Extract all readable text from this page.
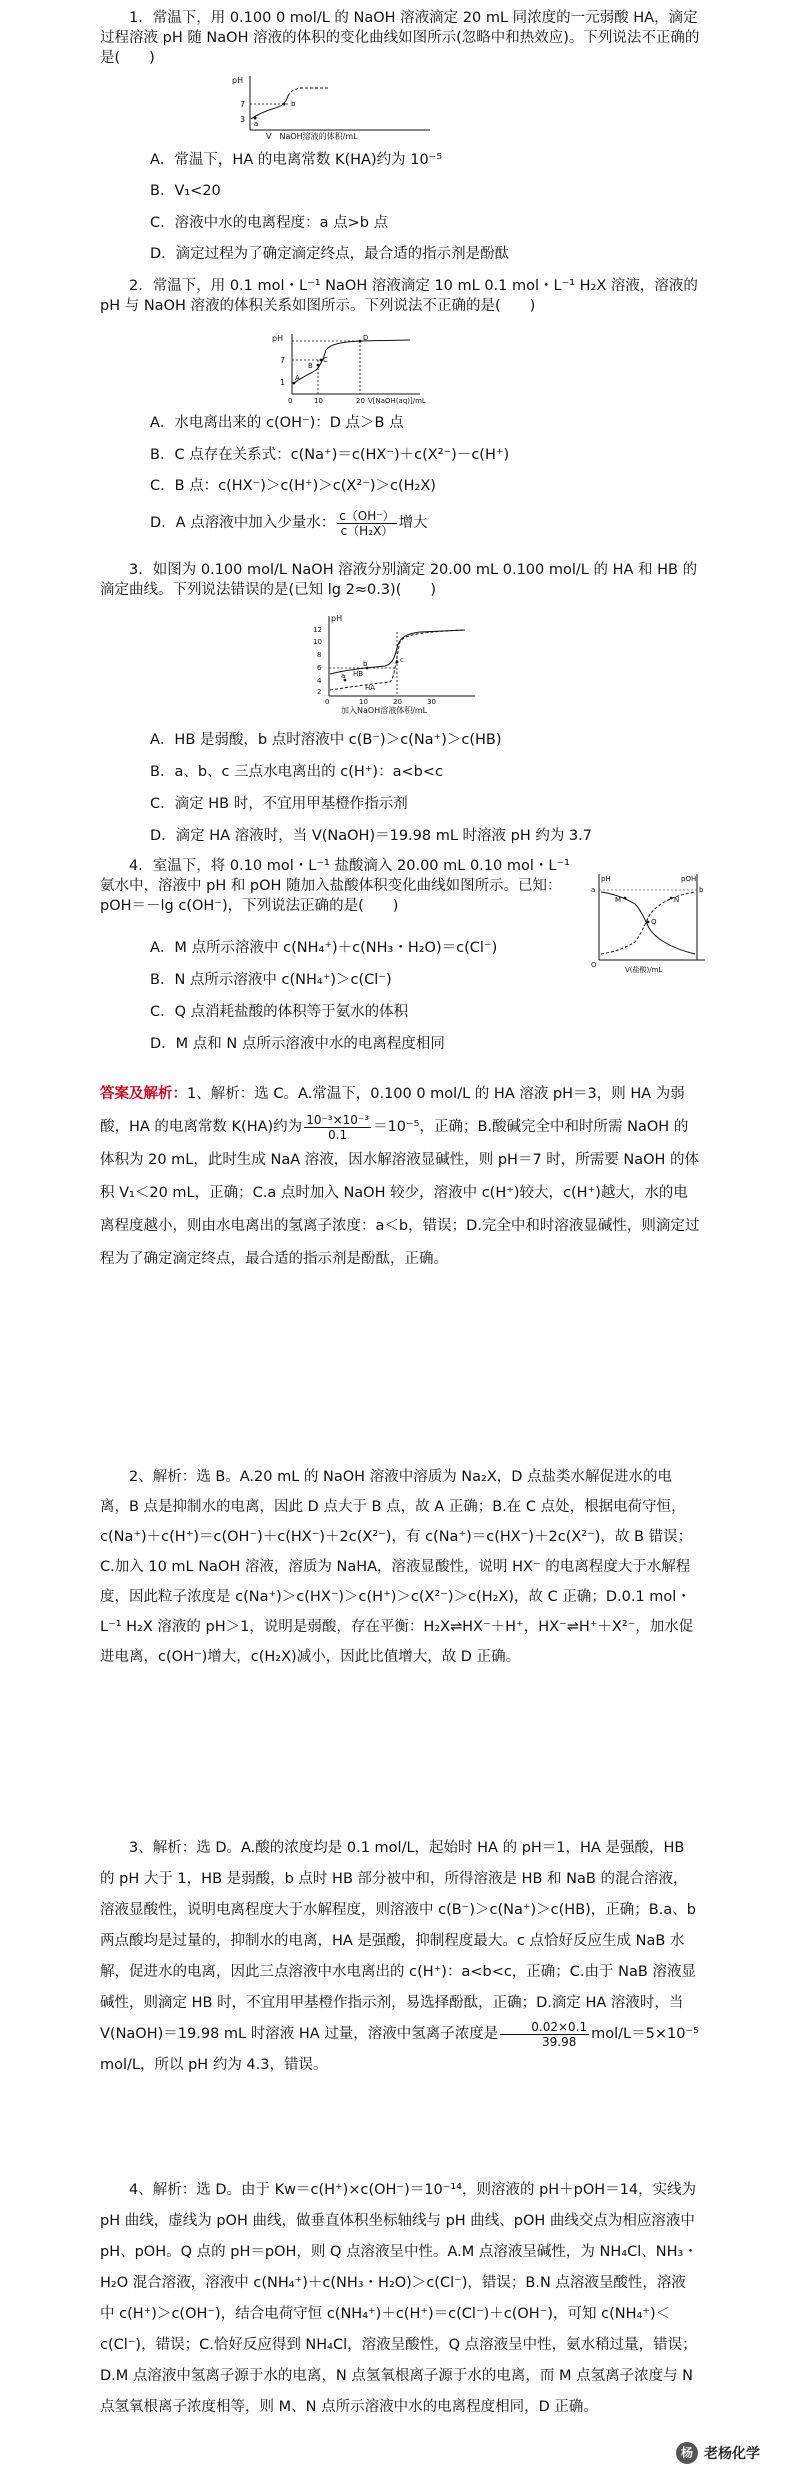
1．常温下，用 0.100 0 mol/L 的 NaOH 溶液滴定 20 mL 同浓度的一元弱酸 HA，滴定过程溶液 pH 随 NaOH 溶液的体积的变化曲线如图所示(忽略中和热效应)。下列说法不正确的是(　　)

pH
7
3 a
b
V　NaOH溶液的体积/mL

A．常温下，HA 的电离常数 K(HA)约为 10⁻⁵

B．V₁<20

C．溶液中水的电离程度：a 点>b 点

D．滴定过程为了确定滴定终点，最合适的指示剂是酚酞

2．常温下，用 0.1 mol・L⁻¹ NaOH 溶液滴定 10 mL 0.1 mol・L⁻¹ H₂X 溶液，溶液的 pH 与 NaOH 溶液的体积关系如图所示。下列说法不正确的是(　　)

pH
7
1 A
B
C
D
0	10	20 V[NaOH(aq)]/mL

A．水电离出来的 c(OH⁻)：D 点＞B 点

B．C 点存在关系式：c(Na⁺)＝c(HX⁻)＋c(X²⁻)－c(H⁺)

C．B 点：c(HX⁻)＞c(H⁺)＞c(X²⁻)＞c(H₂X)

D．A 点溶液中加入少量水： $\frac{c(OH^-)}{\text{c（H₂X）}}$ 增大

3．如图为 0.100 mol/L NaOH 溶液分别滴定 20.00 mL 0.100 mol/L 的 HA 和 HB 的滴定曲线。下列说法错误的是(已知 lg 2≈0.3)(　　)

pH
12
10
8
6
4
2
a
b	c
HB
HA
0	10	20	30
加入NaOH溶液体积/mL

A．HB 是弱酸，b 点时溶液中 c(B⁻)＞c(Na⁺)＞c(HB)

B．a、b、c 三点水电离出的 c(H⁺)：a<b<c

C．滴定 HB 时，不宜用甲基橙作指示剂

D．滴定 HA 溶液时，当 V(NaOH)＝19.98 mL 时溶液 pH 约为 3.7

4．室温下，将 0.10 mol・L⁻¹ 盐酸滴入 20.00 mL 0.10 mol・L⁻¹ 氨水中，溶液中 pH 和 pOH 随加入盐酸体积变化曲线如图所示。已知：pOH＝－lg c(OH⁻)，下列说法正确的是(　　)

pH	pOH
a	b
M	N
Q
O
V(盐酸)/mL

A．M 点所示溶液中 c(NH₄⁺)＋c(NH₃・H₂O)＝c(Cl⁻)

B．N 点所示溶液中 c(NH₄⁺)＞c(Cl⁻)

C．Q 点消耗盐酸的体积等于氨水的体积

D．M 点和 N 点所示溶液中水的电离程度相同

答案及解析：1、解析：选 C。A.常温下，0.100 0 mol/L 的 HA 溶液 pH＝3，则 HA 为弱酸，HA 的电离常数 K(HA)约为 $\frac{\text{10⁻³×10⁻³}}{0.1} =10^{-5}$，正确；B.酸碱完全中和时所需 NaOH 的体积为 20 mL，此时生成 NaA 溶液，因水解溶液显碱性，则 pH＝7 时，所需要 NaOH 的体积 V₁＜20 mL，正确；C.a 点时加入 NaOH 较少，溶液中 c(H⁺)较大，c(H⁺)越大，水的电离程度越小，则由水电离出的氢离子浓度：a＜b，错误；D.完全中和时溶液显碱性，则滴定过程为了确定滴定终点，最合适的指示剂是酚酞，正确。

2、解析：选 B。A.20 mL 的 NaOH 溶液中溶质为 Na₂X，D 点盐类水解促进水的电离，B 点是抑制水的电离，因此 D 点大于 B 点，故 A 正确；B.在 C 点处，根据电荷守恒，c(Na⁺)＋c(H⁺)＝c(OH⁻)＋c(HX⁻)＋2c(X²⁻)，有 c(Na⁺)＝c(HX⁻)＋2c(X²⁻)，故 B 错误；C.加入 10 mL NaOH 溶液，溶质为 NaHA，溶液显酸性，说明 HX⁻ 的电离程度大于水解程度，因此粒子浓度是 c(Na⁺)＞c(HX⁻)＞c(H⁺)＞c(X²⁻)＞c(H₂X)，故 C 正确；D.0.1 mol・L⁻¹ H₂X 溶液的 pH＞1，说明是弱酸，存在平衡：H₂X⇌HX⁻＋H⁺，HX⁻⇌H⁺＋X²⁻，加水促进电离，c(OH⁻)增大，c(H₂X)减小，因此比值增大，故 D 正确。

3、解析：选 D。A.酸的浓度均是 0.1 mol/L，起始时 HA 的 pH＝1，HA 是强酸，HB 的 pH 大于 1，HB 是弱酸，b 点时 HB 部分被中和，所得溶液是 HB 和 NaB 的混合溶液，溶液显酸性，说明电离程度大于水解程度，则溶液中 c(B⁻)＞c(Na⁺)＞c(HB)，正确；B.a、b 两点酸均是过量的，抑制水的电离，HA 是强酸，抑制程度最大。c 点恰好反应生成 NaB 水解，促进水的电离，因此三点溶液中水电离出的 c(H⁺)：a<b<c，正确；C.由于 NaB 溶液显碱性，则滴定 HB 时，不宜用甲基橙作指示剂，易选择酚酞，正确；D.滴定 HA 溶液时，当 V(NaOH)＝19.98 mL 时溶液 HA 过量，溶液中氢离子浓度是 $\frac{0.02\times 0.1}{39.98} mol/L=5\times 10^{-5}$ mol/L，所以 pH 约为 4.3，错误。

4、解析：选 D。由于 Kw＝c(H⁺)×c(OH⁻)＝10⁻¹⁴，则溶液的 pH＋pOH＝14，实线为 pH 曲线，虚线为 pOH 曲线，做垂直体积坐标轴线与 pH 曲线、pOH 曲线交点为相应溶液中 pH、pOH。Q 点的 pH＝pOH，则 Q 点溶液呈中性。A.M 点溶液呈碱性，为 NH₄Cl、NH₃・H₂O 混合溶液，溶液中 c(NH₄⁺)＋c(NH₃・H₂O)＞c(Cl⁻)，错误；B.N 点溶液呈酸性，溶液中 c(H⁺)＞c(OH⁻)，结合电荷守恒 c(NH₄⁺)＋c(H⁺)＝c(Cl⁻)＋c(OH⁻)，可知 c(NH₄⁺)＜c(Cl⁻)，错误；C.恰好反应得到 NH₄Cl，溶液呈酸性，Q 点溶液呈中性，氨水稍过量，错误；D.M 点溶液中氢离子源于水的电离，N 点氢氧根离子源于水的电离，而 M 点氢离子浓度与 N 点氢氧根离子浓度相等，则 M、N 点所示溶液中水的电离程度相同，D 正确。

杨 老杨化学
